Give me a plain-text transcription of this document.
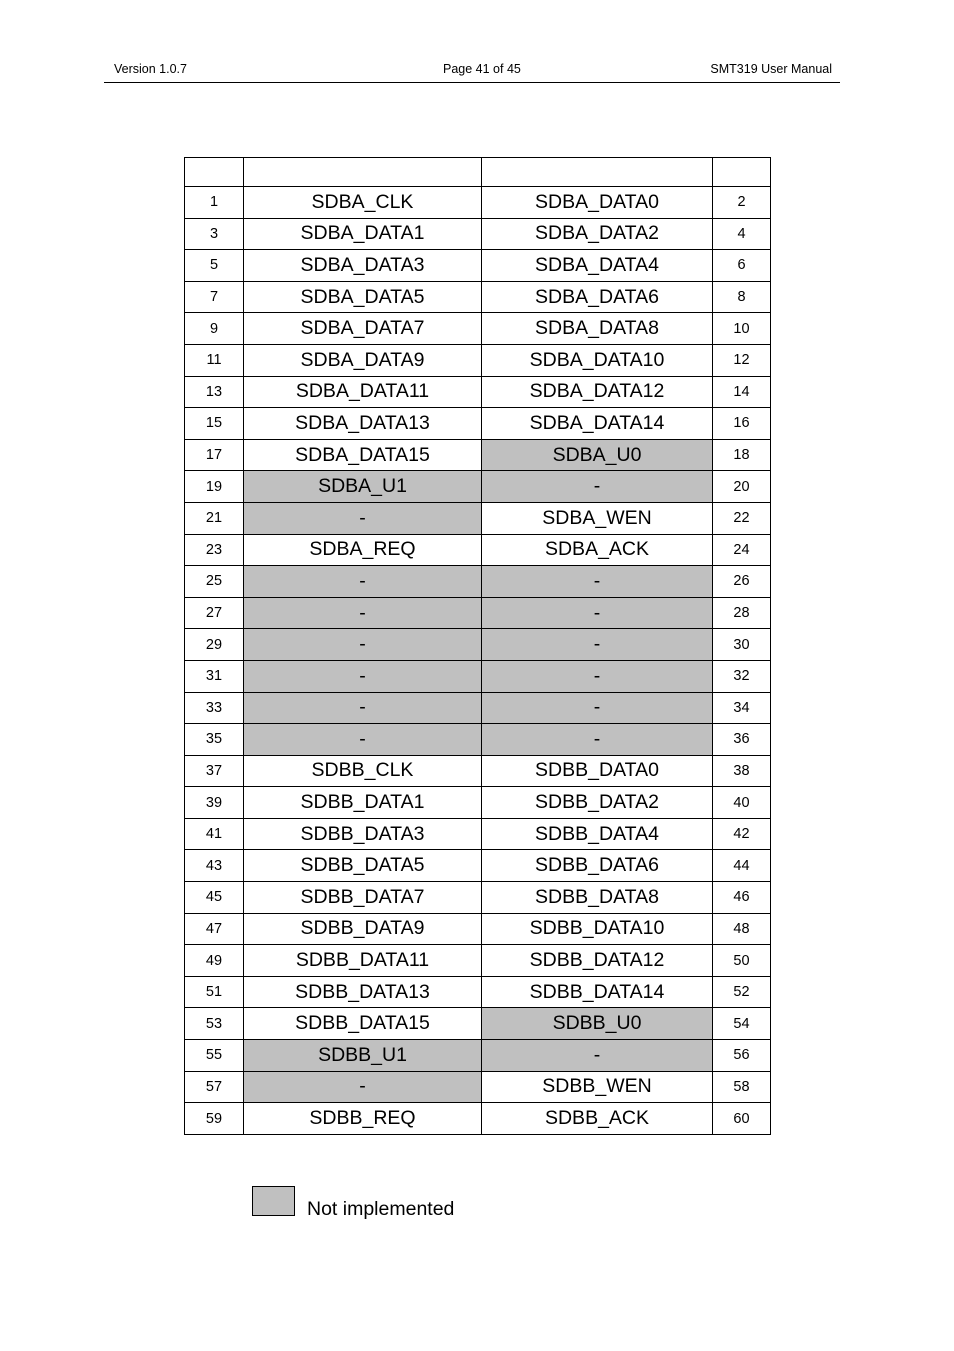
Version 1.0.7	Page 41 of 45	SMT319 User Manual

1	SDBA_CLK	SDBA_DATA0	2
3	SDBA_DATA1	SDBA_DATA2	4
5	SDBA_DATA3	SDBA_DATA4	6
7	SDBA_DATA5	SDBA_DATA6	8
9	SDBA_DATA7	SDBA_DATA8	10
11	SDBA_DATA9	SDBA_DATA10	12
13	SDBA_DATA11	SDBA_DATA12	14
15	SDBA_DATA13	SDBA_DATA14	16
17	SDBA_DATA15	SDBA_U0	18
19	SDBA_U1	-	20
21	-	SDBA_WEN	22
23	SDBA_REQ	SDBA_ACK	24
25	-	-	26
27	-	-	28
29	-	-	30
31	-	-	32
33	-	-	34
35	-	-	36
37	SDBB_CLK	SDBB_DATA0	38
39	SDBB_DATA1	SDBB_DATA2	40
41	SDBB_DATA3	SDBB_DATA4	42
43	SDBB_DATA5	SDBB_DATA6	44
45	SDBB_DATA7	SDBB_DATA8	46
47	SDBB_DATA9	SDBB_DATA10	48
49	SDBB_DATA11	SDBB_DATA12	50
51	SDBB_DATA13	SDBB_DATA14	52
53	SDBB_DATA15	SDBB_U0	54
55	SDBB_U1	-	56
57	-	SDBB_WEN	58
59	SDBB_REQ	SDBB_ACK	60
Not implemented
